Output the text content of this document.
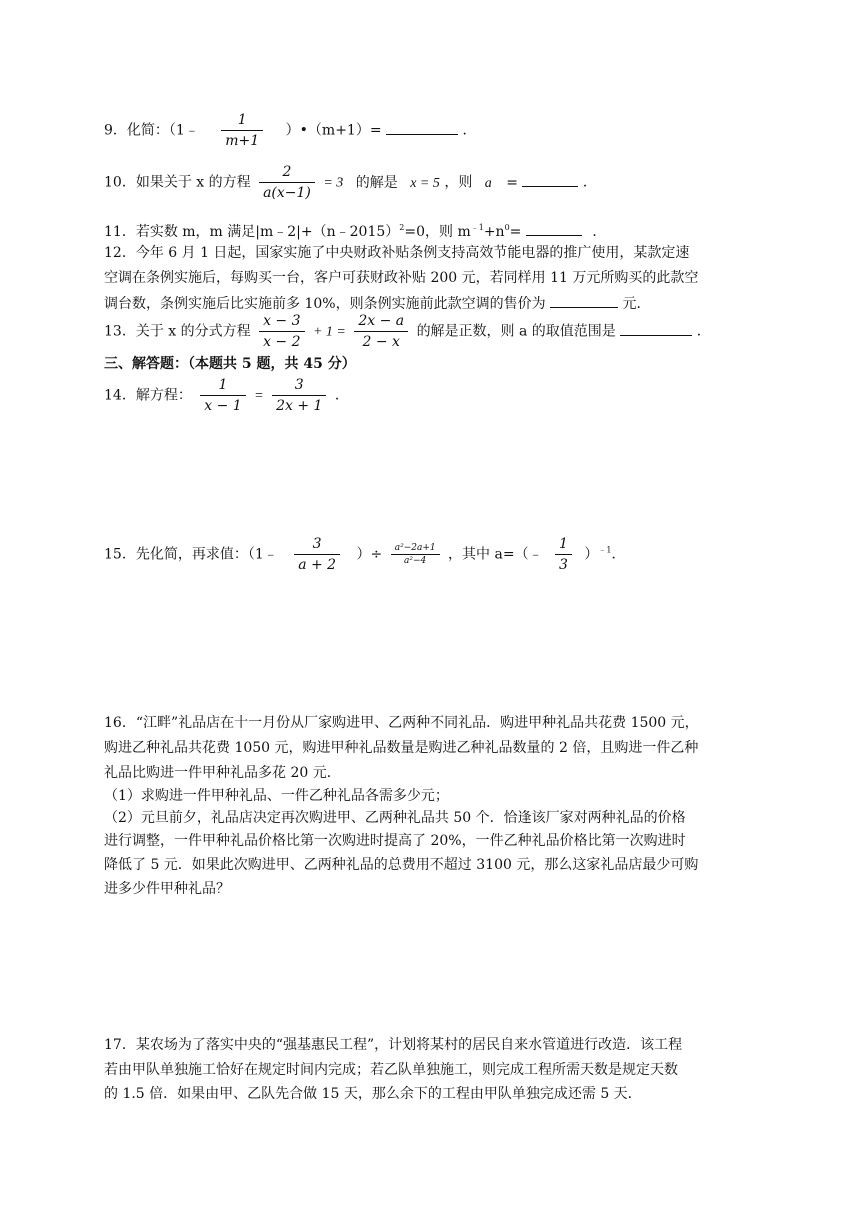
9．化简：（1﹣ $\frac{1}{m+1}$ ）•（m+1）=	．
10．如果关于 x 的方程 $\frac{2}{a(x-1)} = 3$ 的解是 x = 5 ，则 a =	．
11．若实数 m，m 满足|m﹣2|+（n﹣2015）$^2$=0，则 $m^{﹣1}+n^0=$	．
12．今年 6 月 1 日起，国家实施了中央财政补贴条例支持高效节能电器的推广使用，某款定速
空调在条例实施后，每购买一台，客户可获财政补贴 200 元，若同样用 11 万元所购买的此款空
调台数，条例实施后比实施前多 10%，则条例实施前此款空调的售价为	元．
13．关于 x 的分式方程 $\frac{x - 3}{x - 2} + 1 = \frac{2x - a}{2 - x}$ 的解是正数，则 a 的取值范围是	．
三、解答题：（本题共 5 题，共 45 分）
14．解方程： $\frac{1}{x - 1} = \frac{3}{2x + 1}$ ．
15．先化简，再求值：（1﹣ $\frac{3}{a + 2}$ ）÷ $\frac{\text{a²−2a+1}}{\text{a²−4}}$ ，其中 a=（﹣ $\frac{1}{3} )^{﹣1}$．
16．“江畔”礼品店在十一月份从厂家购进甲、乙两种不同礼品．购进甲种礼品共花费 1500 元，
购进乙种礼品共花费 1050 元，购进甲种礼品数量是购进乙种礼品数量的 2 倍，且购进一件乙种
礼品比购进一件甲种礼品多花 20 元．
（1）求购进一件甲种礼品、一件乙种礼品各需多少元；
（2）元旦前夕，礼品店决定再次购进甲、乙两种礼品共 50 个．恰逢该厂家对两种礼品的价格
进行调整，一件甲种礼品价格比第一次购进时提高了 20%，一件乙种礼品价格比第一次购进时
降低了 5 元．如果此次购进甲、乙两种礼品的总费用不超过 3100 元，那么这家礼品店最少可购
进多少件甲种礼品？
17．某农场为了落实中央的“强基惠民工程”，计划将某村的居民自来水管道进行改造．该工程
若由甲队单独施工恰好在规定时间内完成；若乙队单独施工，则完成工程所需天数是规定天数
的 1.5 倍．如果由甲、乙队先合做 15 天，那么余下的工程由甲队单独完成还需 5 天．
